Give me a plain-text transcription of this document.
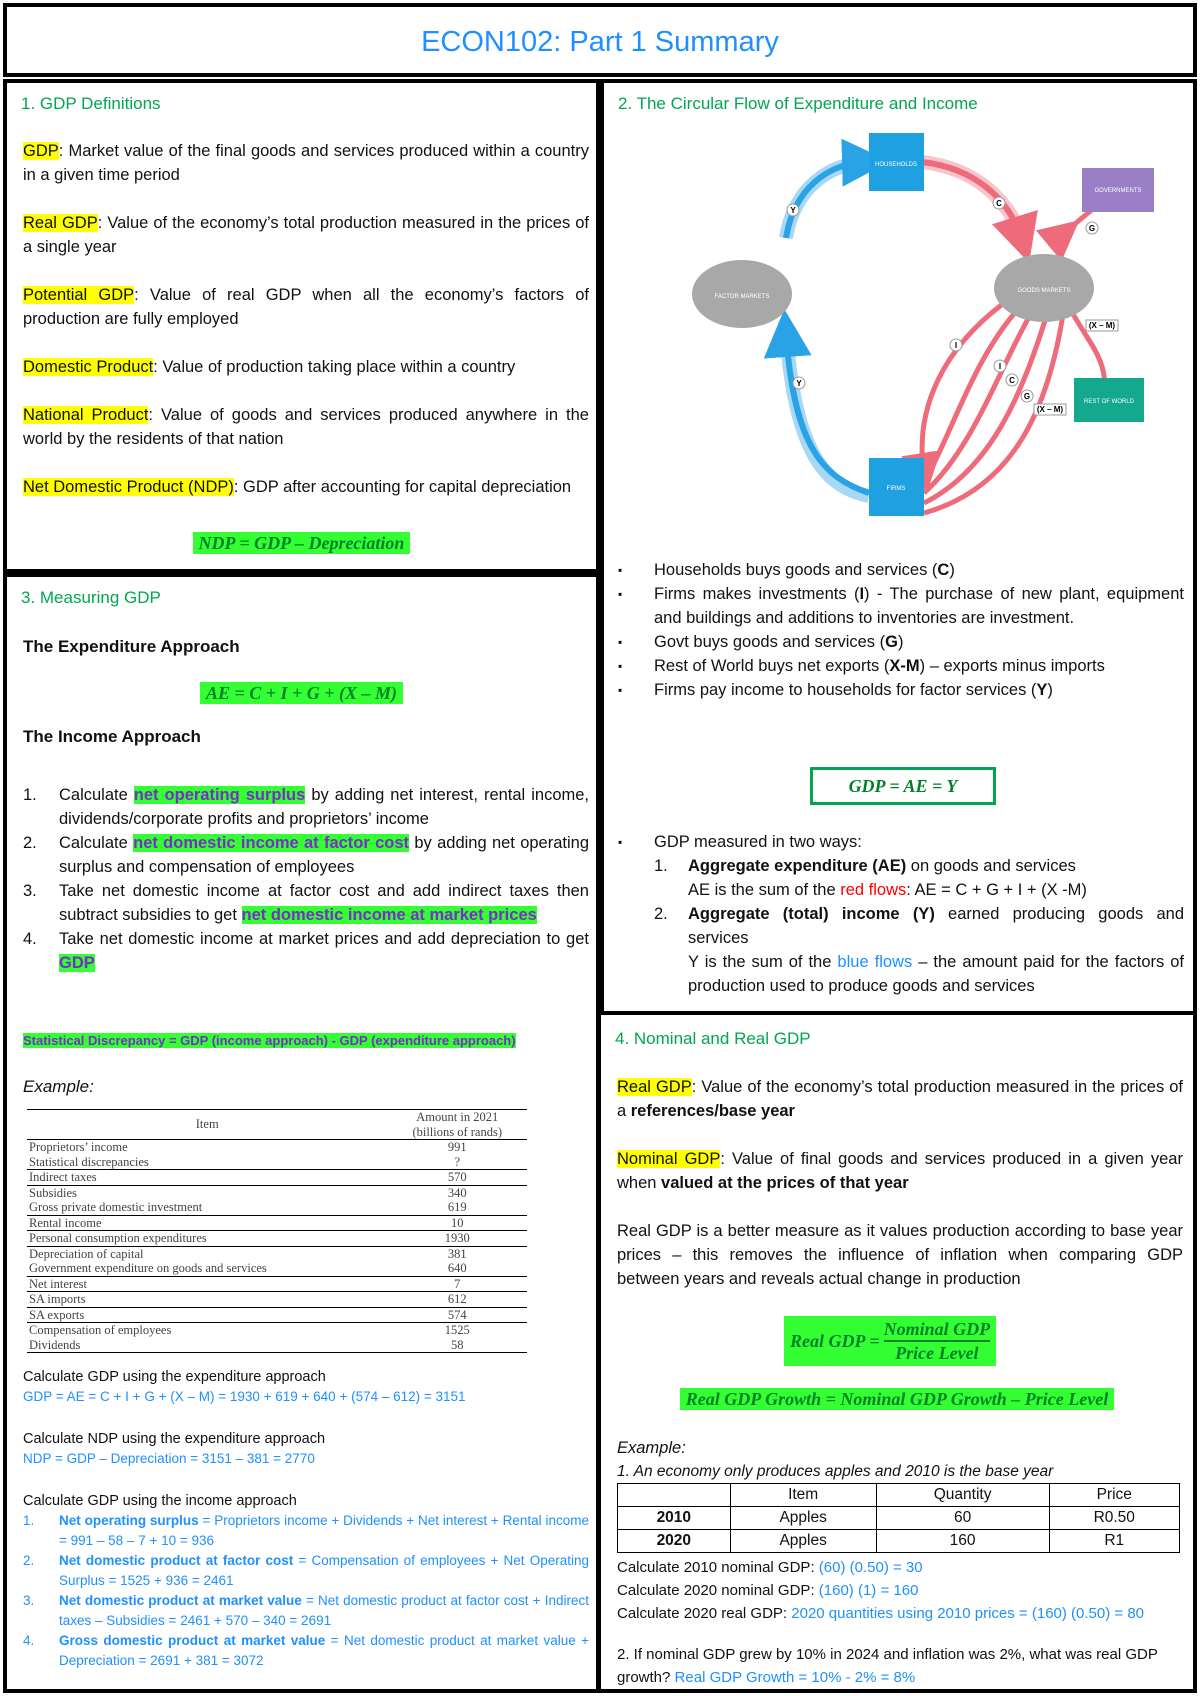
ECON102: Part 1 Summary
1. GDP Definitions
GDP: Market value of the final goods and services produced within a country in a given time period
Real GDP: Value of the economy’s total production measured in the prices of a single year
Potential GDP: Value of real GDP when all the economy’s factors of production are fully employed
Domestic Product: Value of production taking place within a country
National Product: Value of goods and services produced anywhere in the world by the residents of that nation
Net Domestic Product (NDP): GDP after accounting for capital depreciation
NDP = GDP – Depreciation
2. The Circular Flow of Expenditure and Income
HOUSEHOLDS
GOVERNMENTS
FACTOR MARKETS
GOODS MARKETS
REST OF WORLD
FIRMS
Y
C
G
(X – M)
Y
I
I
C
G
(X – M)
▪ Households buys goods and services (C)
▪ Firms makes investments (I) - The purchase of new plant, equipment and buildings and additions to inventories are investment.
▪ Govt buys goods and services (G)
▪ Rest of World buys net exports (X-M) – exports minus imports
▪ Firms pay income to households for factor services (Y)
GDP = AE = Y
▪ GDP measured in two ways:
1. Aggregate expenditure (AE) on goods and services
AE is the sum of the red flows: AE = C + G + I + (X -M)
2. Aggregate (total) income (Y) earned producing goods and services
Y is the sum of the blue flows – the amount paid for the factors of production used to produce goods and services
3. Measuring GDP
The Expenditure Approach
AE = C + I + G + (X – M)
The Income Approach
1. Calculate net operating surplus by adding net interest, rental income, dividends/corporate profits and proprietors’ income
2. Calculate net domestic income at factor cost by adding net operating surplus and compensation of employees
3. Take net domestic income at factor cost and add indirect taxes then subtract subsidies to get net domestic income at market prices
4. Take net domestic income at market prices and add depreciation to get GDP
Statistical Discrepancy = GDP (income approach) - GDP (expenditure approach)
Example:
Item	Amount in 2021
(billions of rands)
Proprietors’ income	991
Statistical discrepancies	?
Indirect taxes	570
Subsidies	340
Gross private domestic investment	619
Rental income	10
Personal consumption expenditures	1930
Depreciation of capital	381
Government expenditure on goods and services	640
Net interest	7
SA imports	612
SA exports	574
Compensation of employees	1525
Dividends	58
Calculate GDP using the expenditure approach
GDP = AE = C + I + G + (X – M) = 1930 + 619 + 640 + (574 – 612) = 3151
Calculate NDP using the expenditure approach
NDP = GDP – Depreciation = 3151 – 381 = 2770
Calculate GDP using the income approach
1. Net operating surplus = Proprietors income + Dividends + Net interest + Rental income = 991 – 58 – 7 + 10 = 936
2. Net domestic product at factor cost = Compensation of employees + Net Operating Surplus = 1525 + 936 = 2461
3. Net domestic product at market value = Net domestic product at factor cost + Indirect taxes – Subsidies = 2461 + 570 – 340 = 2691
4. Gross domestic product at market value = Net domestic product at market value + Depreciation = 2691 + 381 = 3072
4. Nominal and Real GDP
Real GDP: Value of the economy’s total production measured in the prices of a references/base year
Nominal GDP: Value of final goods and services produced in a given year when valued at the prices of that year
Real GDP is a better measure as it values production according to base year prices – this removes the influence of inflation when comparing GDP between years and reveals actual change in production
Real GDP =
Nominal GDP
Price Level
Real GDP Growth = Nominal GDP Growth – Price Level
Example:
1. An economy only produces apples and 2010 is the base year
	Item	Quantity	Price
2010	Apples	60	R0.50
2020	Apples	160	R1
Calculate 2010 nominal GDP: (60) (0.50) = 30
Calculate 2020 nominal GDP: (160) (1) = 160
Calculate 2020 real GDP: 2020 quantities using 2010 prices = (160) (0.50) = 80
2. If nominal GDP grew by 10% in 2024 and inflation was 2%, what was real GDP growth? Real GDP Growth = 10% - 2% = 8%
